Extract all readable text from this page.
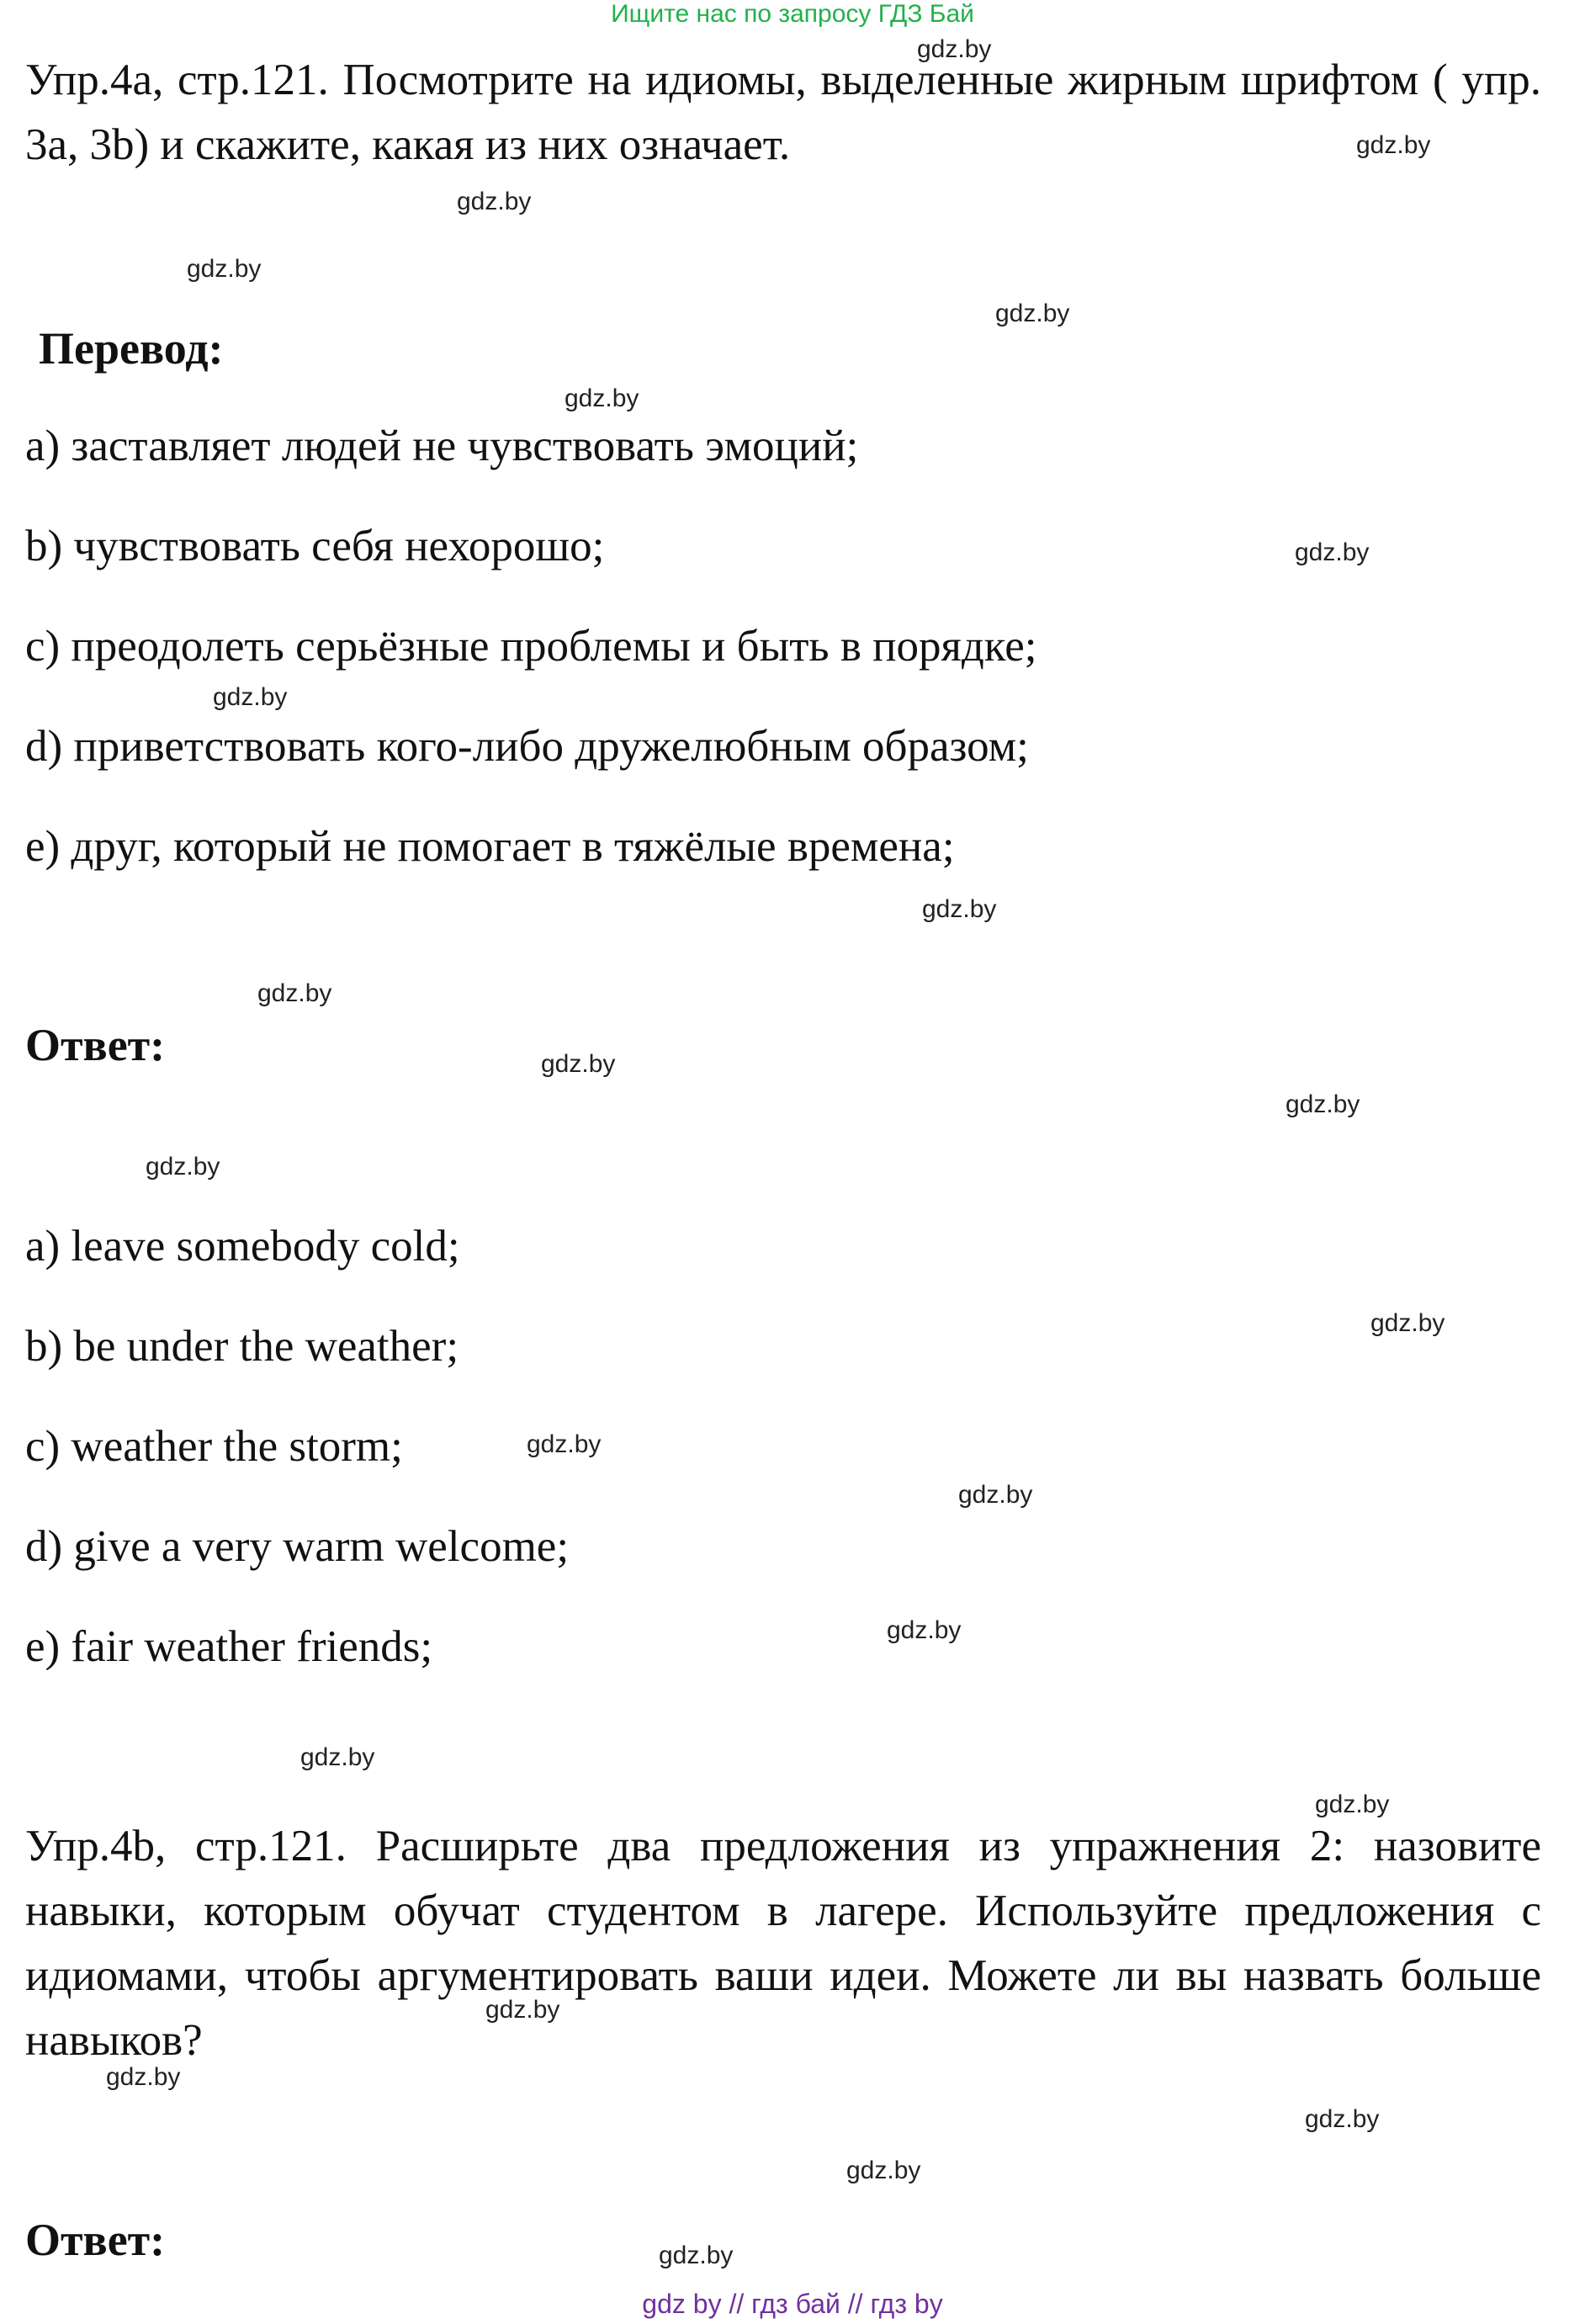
Ищите нас по запросу ГДЗ Бай
Упр.4a, стр.121. Посмотрите на идиомы, выделенные жирным шрифтом ( упр. 3a, 3b) и скажите, какая из них означает.
Перевод:
a) заставляет людей не чувствовать эмоций;
b) чувствовать себя нехорошо;
c) преодолеть серьёзные проблемы и быть в порядке;
d) приветствовать кого-либо дружелюбным образом;
e) друг, который не помогает в тяжёлые времена;
Ответ:
a) leave somebody cold;
b) be under the weather;
c) weather the storm;
d) give a very warm welcome;
e) fair weather friends;
Упр.4b, стр.121. Расширьте два предложения из упражнения 2: назовите навыки, которым обучат студентом в лагере. Используйте предложения с идиомами, чтобы аргументировать ваши идеи. Можете ли вы назвать больше навыков?
Ответ:
gdz.by
gdz.by
gdz.by
gdz.by
gdz.by
gdz.by
gdz.by
gdz.by
gdz.by
gdz.by
gdz.by
gdz.by
gdz.by
gdz.by
gdz.by
gdz.by
gdz.by
gdz.by
gdz.by
gdz.by
gdz.by
gdz.by
gdz.by
gdz.by
gdz by // гдз бай // гдз by
